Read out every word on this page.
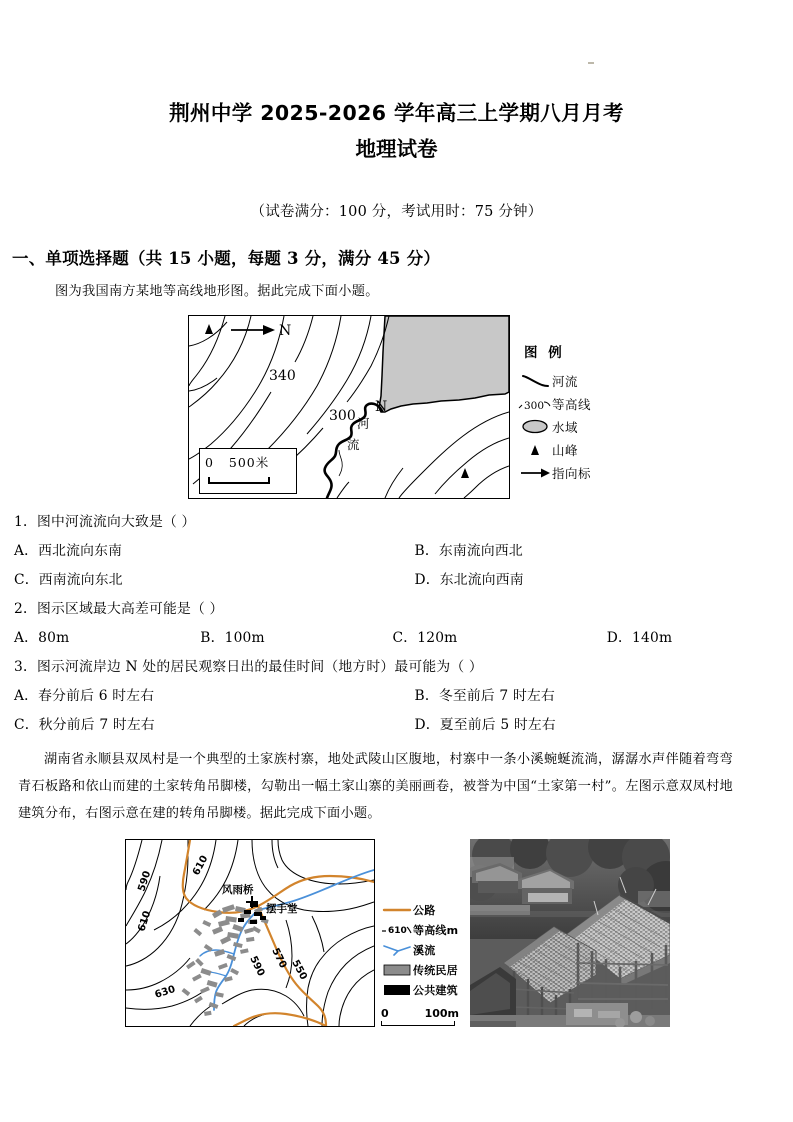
荆州中学 2025-2026 学年高三上学期八月月考
地理试卷

（试卷满分：100 分，考试用时：75 分钟）

一、单项选择题（共 15 小题，每题 3 分，满分 45 分）

图为我国南方某地等高线地形图。据此完成下面小题。

340
300 河
流
N
N
0 500米
图 例
河流
300 等高线
水域
山峰
指向标

1．图中河流流向大致是（ ）

A．西北流向东南	B．东南流向西北
C．西南流向东北	D．东北流向西南

2．图示区域最大高差可能是（ ）

A．80m	B．100m	C．120m	D．140m

3．图示河流岸边 N 处的居民观察日出的最佳时间（地方时）最可能为（ ）

A．春分前后 6 时左右	B．冬至前后 7 时左右
C．秋分前后 7 时左右	D．夏至前后 5 时左右

湖南省永顺县双凤村是一个典型的土家族村寨，地处武陵山区腹地，村寨中一条小溪蜿蜒流淌，潺潺水声伴随着弯弯青石板路和依山而建的土家转角吊脚楼，勾勒出一幅土家山寨的美丽画卷，被誉为中国“土家第一村”。左图示意双凤村地建筑分布，右图示意在建的转角吊脚楼。据此完成下面小题。

风雨桥
摆手堂
590
610
610
630
590 570 550
公路
610 等高线m
溪流
传统民居
公共建筑
0	100m
